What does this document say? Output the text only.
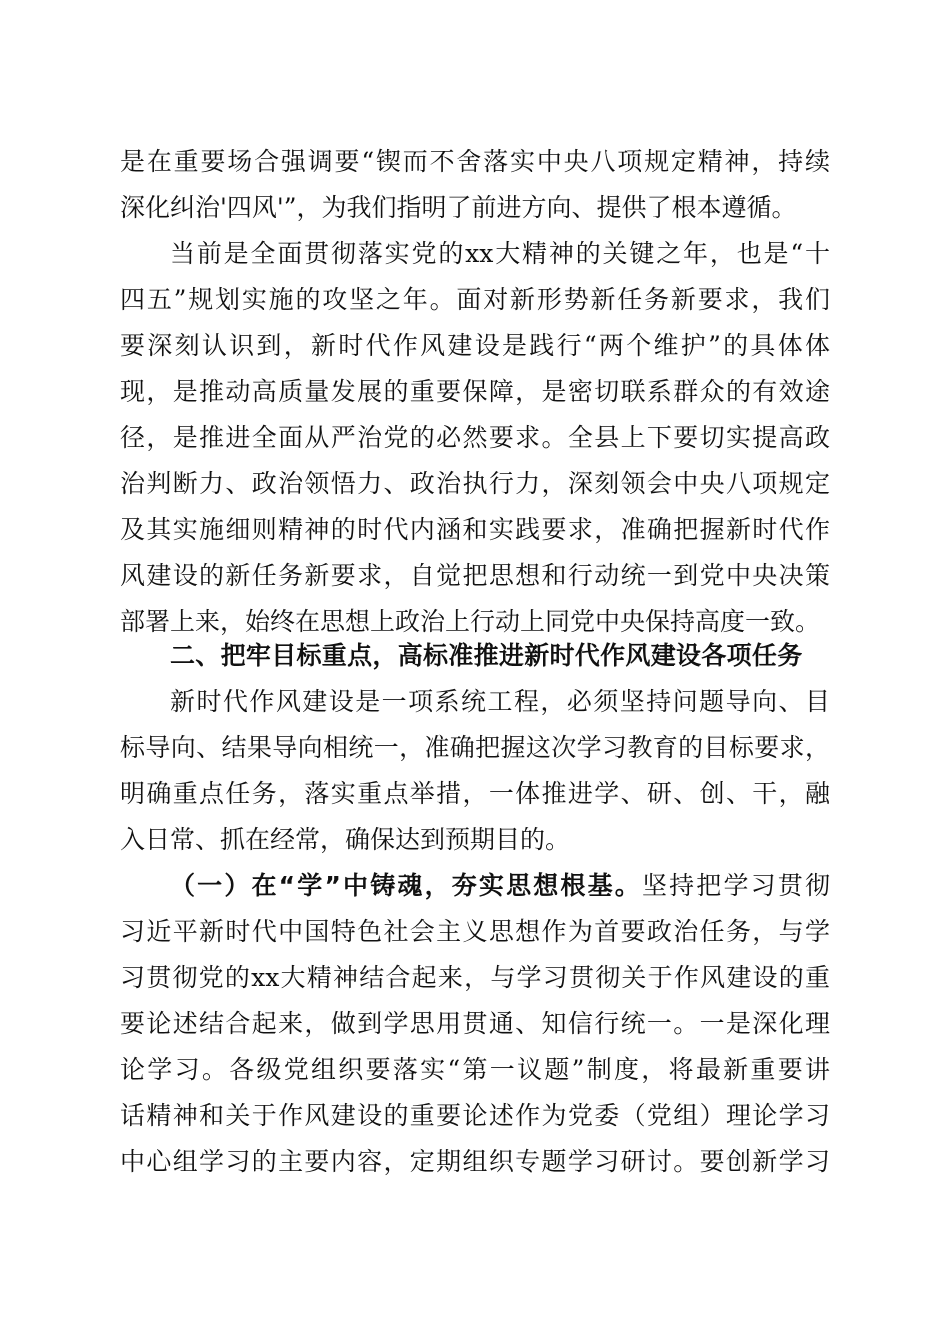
是在重要场合强调要“锲而不舍落实中央八项规定精神，持续
深化纠治'四风'”，为我们指明了前进方向、提供了根本遵循。
当前是全面贯彻落实党的xx大精神的关键之年，也是“十
四五”规划实施的攻坚之年。面对新形势新任务新要求，我们
要深刻认识到，新时代作风建设是践行“两个维护”的具体体
现，是推动高质量发展的重要保障，是密切联系群众的有效途
径，是推进全面从严治党的必然要求。全县上下要切实提高政
治判断力、政治领悟力、政治执行力，深刻领会中央八项规定
及其实施细则精神的时代内涵和实践要求，准确把握新时代作
风建设的新任务新要求，自觉把思想和行动统一到党中央决策
部署上来，始终在思想上政治上行动上同党中央保持高度一致。
二、把牢目标重点，高标准推进新时代作风建设各项任务
新时代作风建设是一项系统工程，必须坚持问题导向、目
标导向、结果导向相统一，准确把握这次学习教育的目标要求，
明确重点任务，落实重点举措，一体推进学、研、创、干，融
入日常、抓在经常，确保达到预期目的。
（一）在“学”中铸魂，夯实思想根基。坚持把学习贯彻
习近平新时代中国特色社会主义思想作为首要政治任务，与学
习贯彻党的xx大精神结合起来，与学习贯彻关于作风建设的重
要论述结合起来，做到学思用贯通、知信行统一。一是深化理
论学习。各级党组织要落实“第一议题”制度，将最新重要讲
话精神和关于作风建设的重要论述作为党委（党组）理论学习
中心组学习的主要内容，定期组织专题学习研讨。要创新学习
